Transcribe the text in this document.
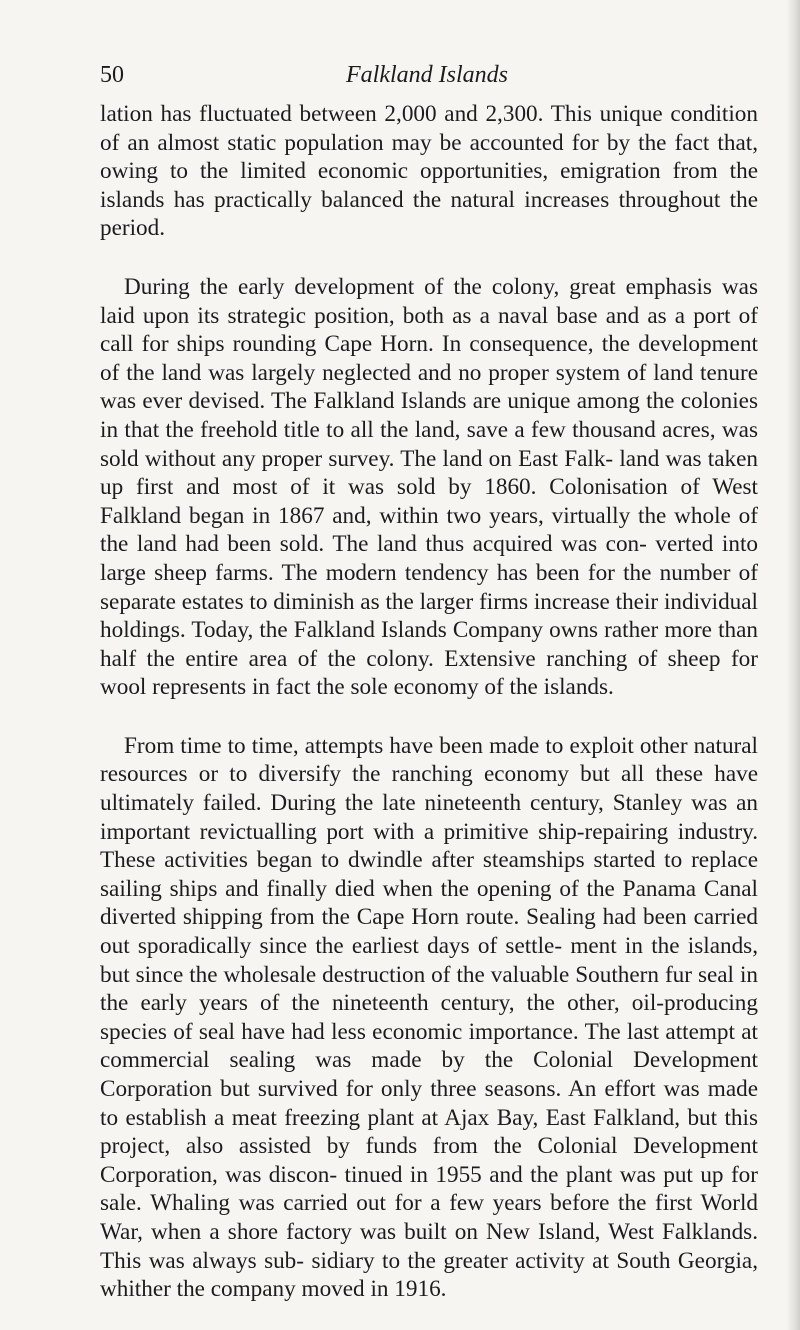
50	Falkland Islands

lation has fluctuated between 2,000 and 2,300. This unique condition of an almost static population may be accounted for by the fact that, owing to the limited economic opportunities, emigration from the islands has practically balanced the natural increases throughout the period.

During the early development of the colony, great emphasis was laid upon its strategic position, both as a naval base and as a port of call for ships rounding Cape Horn. In consequence, the development of the land was largely neglected and no proper system of land tenure was ever devised. The Falkland Islands are unique among the colonies in that the freehold title to all the land, save a few thousand acres, was sold without any proper survey. The land on East Falk- land was taken up first and most of it was sold by 1860. Colonisation of West Falkland began in 1867 and, within two years, virtually the whole of the land had been sold. The land thus acquired was con- verted into large sheep farms. The modern tendency has been for the number of separate estates to diminish as the larger firms increase their individual holdings. Today, the Falkland Islands Company owns rather more than half the entire area of the colony. Extensive ranching of sheep for wool represents in fact the sole economy of the islands.

From time to time, attempts have been made to exploit other natural resources or to diversify the ranching economy but all these have ultimately failed. During the late nineteenth century, Stanley was an important revictualling port with a primitive ship-repairing industry. These activities began to dwindle after steamships started to replace sailing ships and finally died when the opening of the Panama Canal diverted shipping from the Cape Horn route. Sealing had been carried out sporadically since the earliest days of settle- ment in the islands, but since the wholesale destruction of the valuable Southern fur seal in the early years of the nineteenth century, the other, oil-producing species of seal have had less economic importance. The last attempt at commercial sealing was made by the Colonial Development Corporation but survived for only three seasons. An effort was made to establish a meat freezing plant at Ajax Bay, East Falkland, but this project, also assisted by funds from the Colonial Development Corporation, was discon- tinued in 1955 and the plant was put up for sale. Whaling was carried out for a few years before the first World War, when a shore factory was built on New Island, West Falklands. This was always sub- sidiary to the greater activity at South Georgia, whither the company moved in 1916.
